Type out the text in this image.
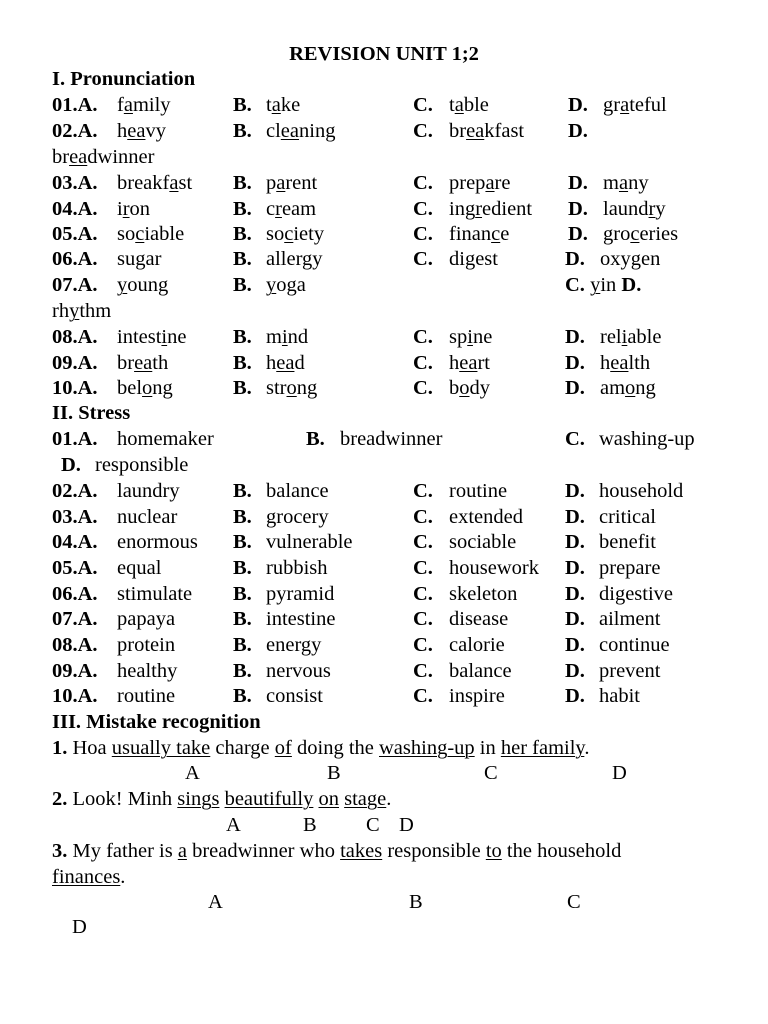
REVISION UNIT 1;2
I. Pronunciation
01.A. family	B. take	C. table	D. grateful
02.A. heavy	B. cleaning	C. breakfast D.
breadwinner
03.A. breakfast B. parent	C. prepare	D. many
04.A. iron	B. cream	C. ingredient D. laundry
05.A. sociable B. society	C. finance	D. groceries
06.A. sugar	B. allergy	C. digest	D. oxygen
07.A. young	B. yoga	C. yin D.
rhythm
08.A. intestine B. mind	C. spine	D. reliable
09.A. breath	B. head	C. heart	D. health
10.A. belong	B. strong	C. body	D. among
II. Stress
01.A. homemaker	B. breadwinner	C. washing-up
D. responsible
02.A. laundry	B. balance	C. routine	D. household
03.A. nuclear	B. grocery	C. extended D. critical
04.A. enormous B. vulnerable	C. sociable D. benefit
05.A. equal	B. rubbish	C. housework D. prepare
06.A. stimulate B. pyramid	C. skeleton D. digestive
07.A. papaya	B. intestine	C. disease	D. ailment
08.A. protein	B. energy	C. calorie	D. continue
09.A. healthy	B. nervous	C. balance	D. prevent
10.A. routine	B. consist	C. inspire	D. habit
III. Mistake recognition
1. Hoa usually take charge of doing the washing-up in her family.
A	B	C	D
2. Look! Minh sings beautifully on stage.
A	B C D
3. My father is a breadwinner who takes responsible to the household
finances.
A	B	C
D
